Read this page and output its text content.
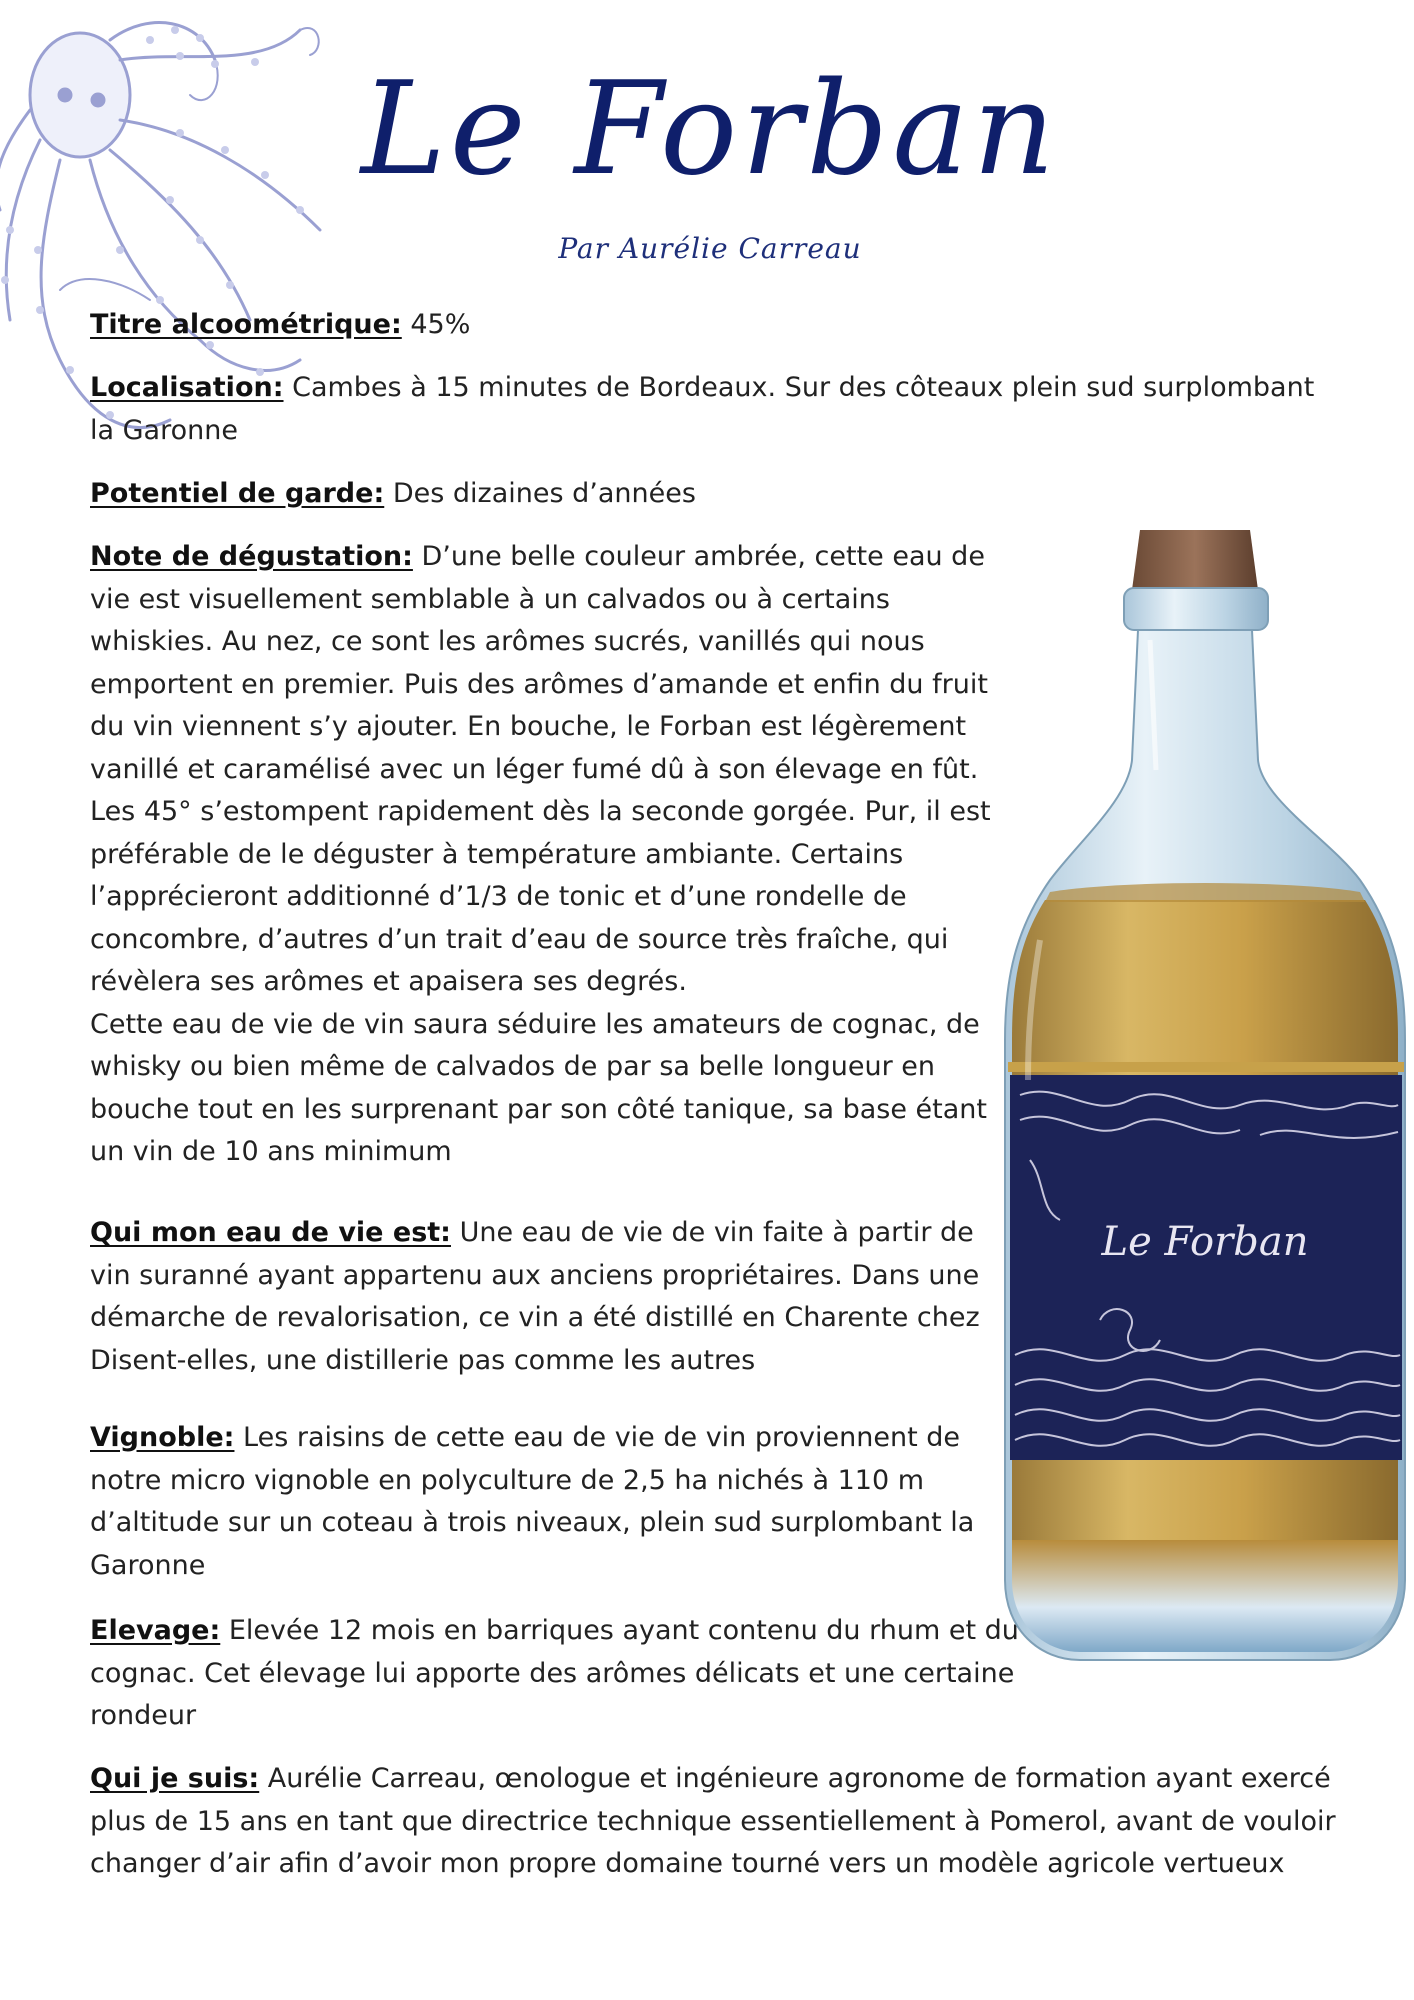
Le Forban
Par Aurélie Carreau

Titre alcoométrique: 45%

Localisation: Cambes à 15 minutes de Bordeaux. Sur des côteaux plein sud surplombant la Garonne

Potentiel de garde: Des dizaines d’années

Note de dégustation: D’une belle couleur ambrée, cette eau de vie est visuellement semblable à un calvados ou à certains whiskies. Au nez, ce sont les arômes sucrés, vanillés qui nous emportent en premier. Puis des arômes d’amande et enfin du fruit du vin viennent s’y ajouter. En bouche, le Forban est légèrement vanillé et caramélisé avec un léger fumé dû à son élevage en fût. Les 45° s’estompent rapidement dès la seconde gorgée. Pur, il est préférable de le déguster à température ambiante. Certains l’apprécieront additionné d’1/3 de tonic et d’une rondelle de concombre, d’autres d’un trait d’eau de source très fraîche, qui révèlera ses arômes et apaisera ses degrés.
Cette eau de vie de vin saura séduire les amateurs de cognac, de whisky ou bien même de calvados de par sa belle longueur en bouche tout en les surprenant par son côté tanique, sa base étant un vin de 10 ans minimum

Qui mon eau de vie est: Une eau de vie de vin faite à partir de vin suranné ayant appartenu aux anciens propriétaires. Dans une démarche de revalorisation, ce vin a été distillé en Charente chez Disent-elles, une distillerie pas comme les autres

Vignoble: Les raisins de cette eau de vie de vin proviennent de notre micro vignoble en polyculture de 2,5 ha nichés à 110 m d’altitude sur un coteau à trois niveaux, plein sud surplombant la Garonne

Elevage: Elevée 12 mois en barriques ayant contenu du rhum et du cognac. Cet élevage lui apporte des arômes délicats et une certaine rondeur

Qui je suis: Aurélie Carreau, œnologue et ingénieure agronome de formation ayant exercé plus de 15 ans en tant que directrice technique essentiellement à Pomerol, avant de vouloir changer d’air afin d’avoir mon propre domaine tourné vers un modèle agricole vertueux

Le Forban
